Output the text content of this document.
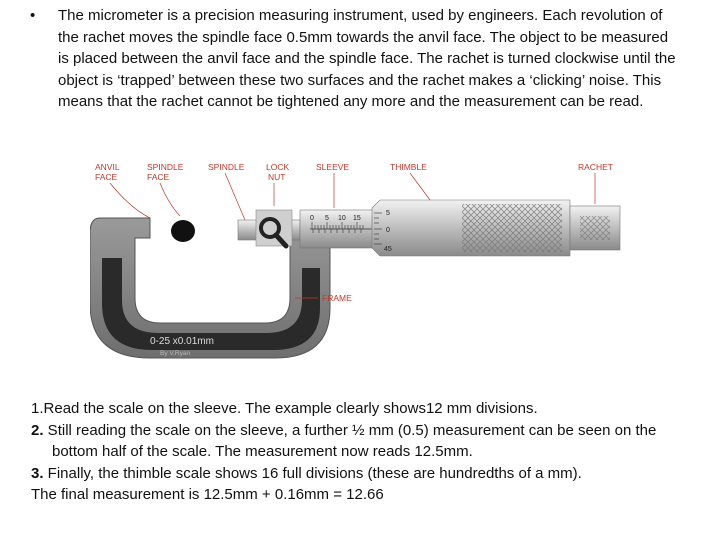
• The micrometer is a precision measuring instrument, used by engineers. Each revolution of the rachet moves the spindle face 0.5mm towards the anvil face. The object to be measured is placed between the anvil face and the spindle face. The rachet is turned clockwise until the object is ‘trapped’ between these two surfaces and the rachet makes a ‘clicking’ noise. This means that the rachet cannot be tightened any more and the measurement can be read.
0-25 x0.01mm
By V.Ryan
0 5 10 15
5
0
45
ANVIL
FACE
SPINDLE
FACE
SPINDLE	LOCK
NUT
SLEEVE	THIMBLE	RACHET
FRAME

1.Read the scale on the sleeve. The example clearly shows12 mm divisions.

2. Still reading the scale on the sleeve, a further ½ mm (0.5) measurement can be seen on the bottom half of the scale. The measurement now reads 12.5mm.

3. Finally, the thimble scale shows 16 full divisions (these are hundredths of a mm).

The final measurement is 12.5mm + 0.16mm = 12.66
